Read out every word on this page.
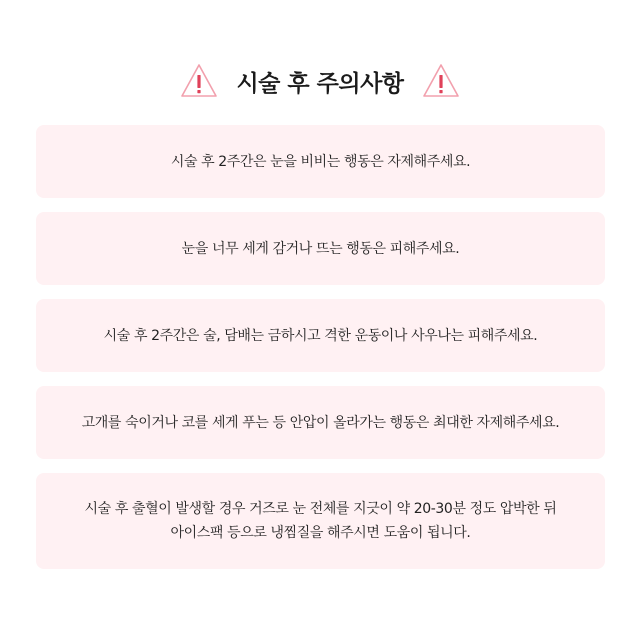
시술 후 주의사항
시술 후 2주간은 눈을 비비는 행동은 자제해주세요.
눈을 너무 세게 감거나 뜨는 행동은 피해주세요.
시술 후 2주간은 술, 담배는 금하시고 격한 운동이나 사우나는 피해주세요.
고개를 숙이거나 코를 세게 푸는 등 안압이 올라가는 행동은 최대한 자제해주세요.
시술 후 출혈이 발생할 경우 거즈로 눈 전체를 지긋이 약 20-30분 정도 압박한 뒤
아이스팩 등으로 냉찜질을 해주시면 도움이 됩니다.
